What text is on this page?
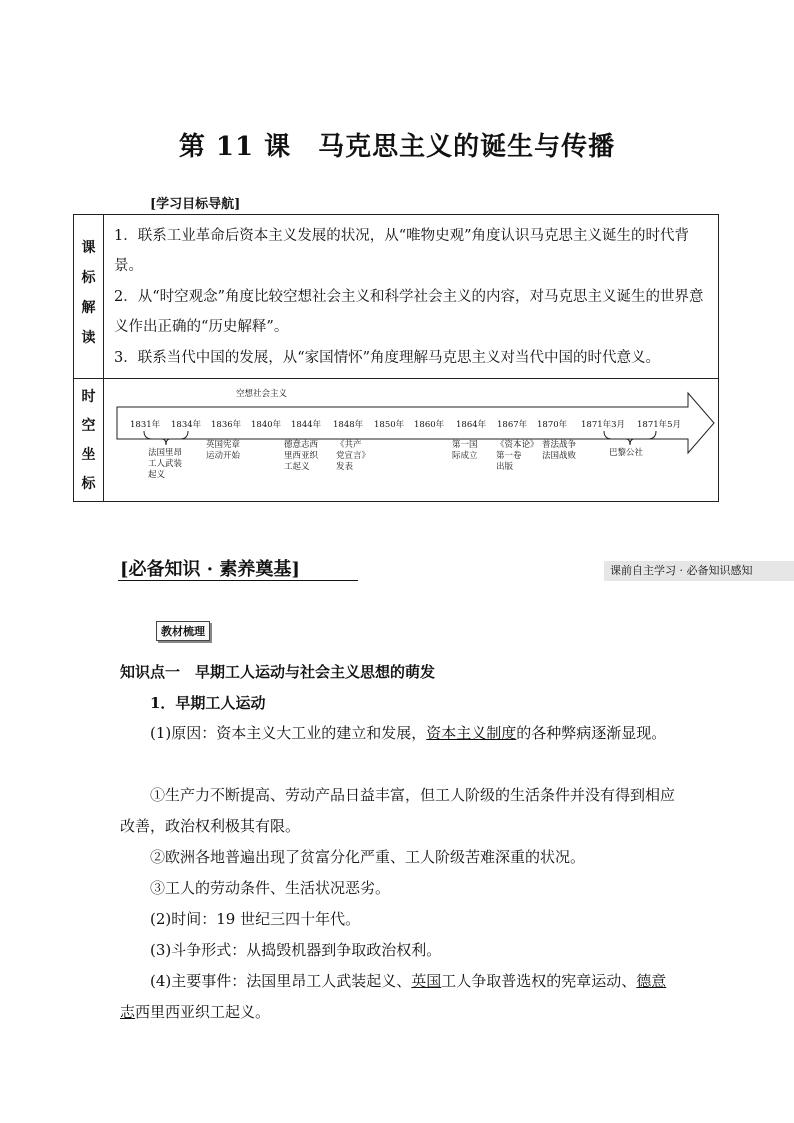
第 11 课　马克思主义的诞生与传播
[学习目标导航]
课
标
解
读
1．联系工业革命后资本主义发展的状况，从“唯物史观”角度认识马克思主义诞生的时代背景。
2．从“时空观念”角度比较空想社会主义和科学社会主义的内容，对马克思主义诞生的世界意义作出正确的“历史解释”。
3．联系当代中国的发展，从“家国情怀”角度理解马克思主义对当代中国的时代意义。
时
空
坐
标
空想社会主义
1831年 1834年 1836年 1840年 1844年 1848年 1850年 1860年 1864年 1867年 1870年 1871年3月 1871年5月
法国里昂工人武装起义
英国宪章运动开始
德意志西里西亚织工起义
《共产党宣言》发表
第一国际成立
《资本论》第一卷出版
普法战争法国战败	巴黎公社
[必备知识 · 素养奠基]	课前自主学习 · 必备知识感知
教材梳理
知识点一　早期工人运动与社会主义思想的萌发
1．早期工人运动
(1)原因：资本主义大工业的建立和发展，资本主义制度的各种弊病逐渐显现。
①生产力不断提高、劳动产品日益丰富，但工人阶级的生活条件并没有得到相应改善，政治权利极其有限。
②欧洲各地普遍出现了贫富分化严重、工人阶级苦难深重的状况。
③工人的劳动条件、生活状况恶劣。
(2)时间：19 世纪三四十年代。
(3)斗争形式：从捣毁机器到争取政治权利。
(4)主要事件：法国里昂工人武装起义、英国工人争取普选权的宪章运动、德意志西里西亚织工起义。
